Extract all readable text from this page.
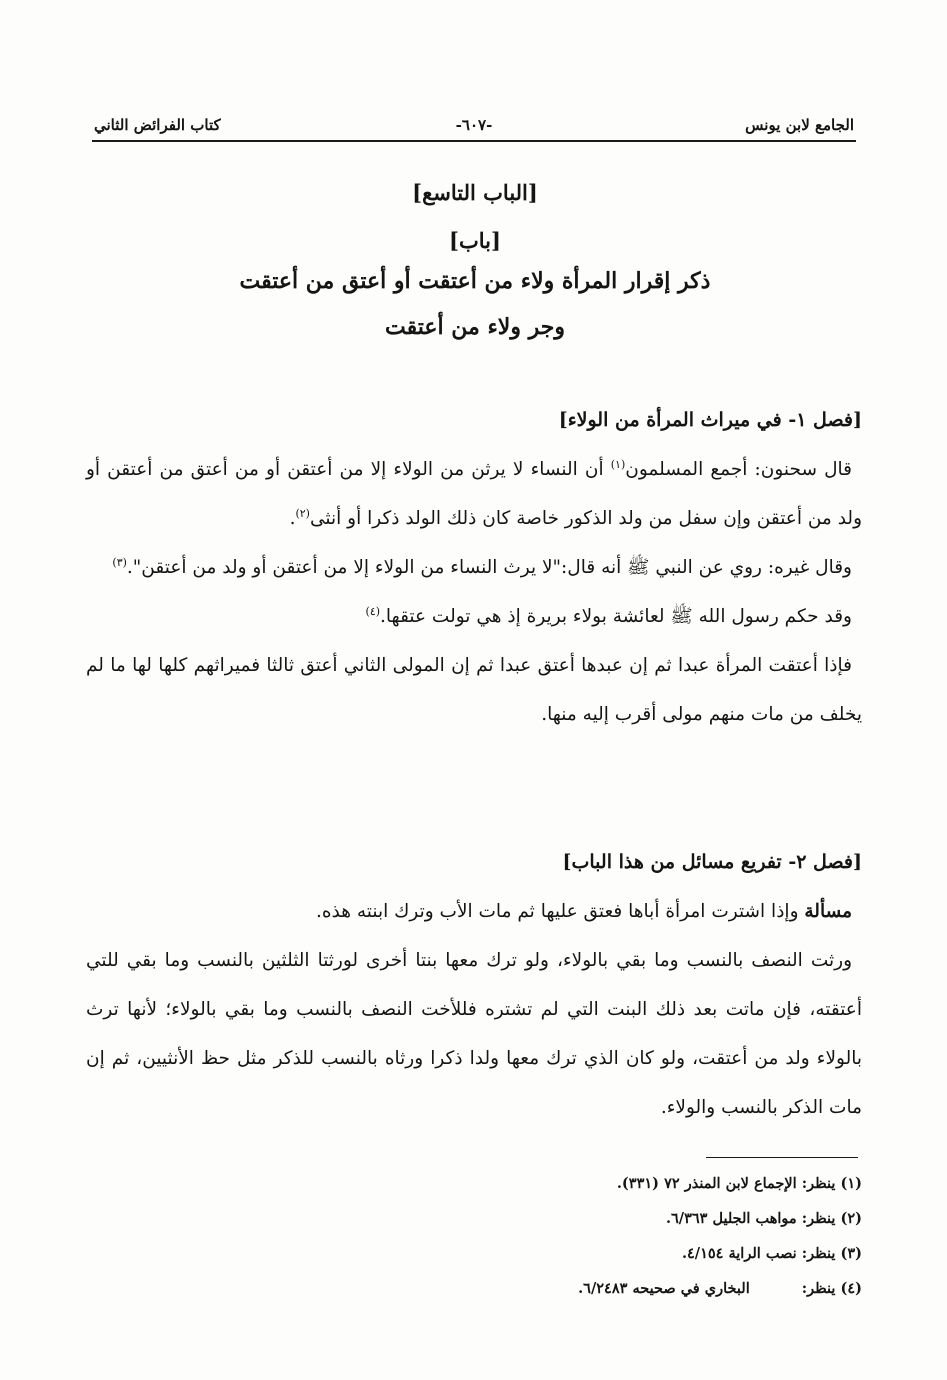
الجامع لابن يونس
-٦٠٧-
كتاب الفرائض الثاني
[الباب التاسع]
[باب]
ذكر إقرار المرأة ولاء من أعتقت أو أعتق من أعتقت
وجر ولاء من أعتقت
[فصل ١- في ميراث المرأة من الولاء]

قال سحنون: أجمع المسلمون$^{(١)}$ أن النساء لا يرثن من الولاء إلا من أعتقن أو من أعتق من أعتقن أو ولد من أعتقن وإن سفل من ولد الذكور خاصة كان ذلك الولد ذكرا أو أنثى$^{(٢)}$.

وقال غيره: روي عن النبي ﷺ أنه قال:"لا يرث النساء من الولاء إلا من أعتقن أو ولد من أعتقن".$^{(٣)}$

وقد حكم رسول الله ﷺ لعائشة بولاء بريرة إذ هي تولت عتقها.$^{(٤)}$

فإذا أعتقت المرأة عبدا ثم إن عبدها أعتق عبدا ثم إن المولى الثاني أعتق ثالثا فميراثهم كلها لها ما لم يخلف من مات منهم مولى أقرب إليه منها.

[فصل ٢- تفريع مسائل من هذا الباب]

مسألة وإذا اشترت امرأة أباها فعتق عليها ثم مات الأب وترك ابنته هذه.

ورثت النصف بالنسب وما بقي بالولاء، ولو ترك معها بنتا أخرى لورثتا الثلثين بالنسب وما بقي للتي أعتقته، فإن ماتت بعد ذلك البنت التي لم تشتره فللأخت النصف بالنسب وما بقي بالولاء؛ لأنها ترث بالولاء ولد من أعتقت، ولو كان الذي ترك معها ولدا ذكرا ورثاه بالنسب للذكر مثل حظ الأنثيين، ثم إن مات الذكر بالنسب والولاء.

(١) ينظر: الإجماع لابن المنذر ٧٢ (٣٣١).
(٢) ينظر: مواهب الجليل ٦/٣٦٣.
(٣) ينظر: نصب الراية ٤/١٥٤.
(٤) ينظر:البخاري في صحيحه ٦/٢٤٨٣.
